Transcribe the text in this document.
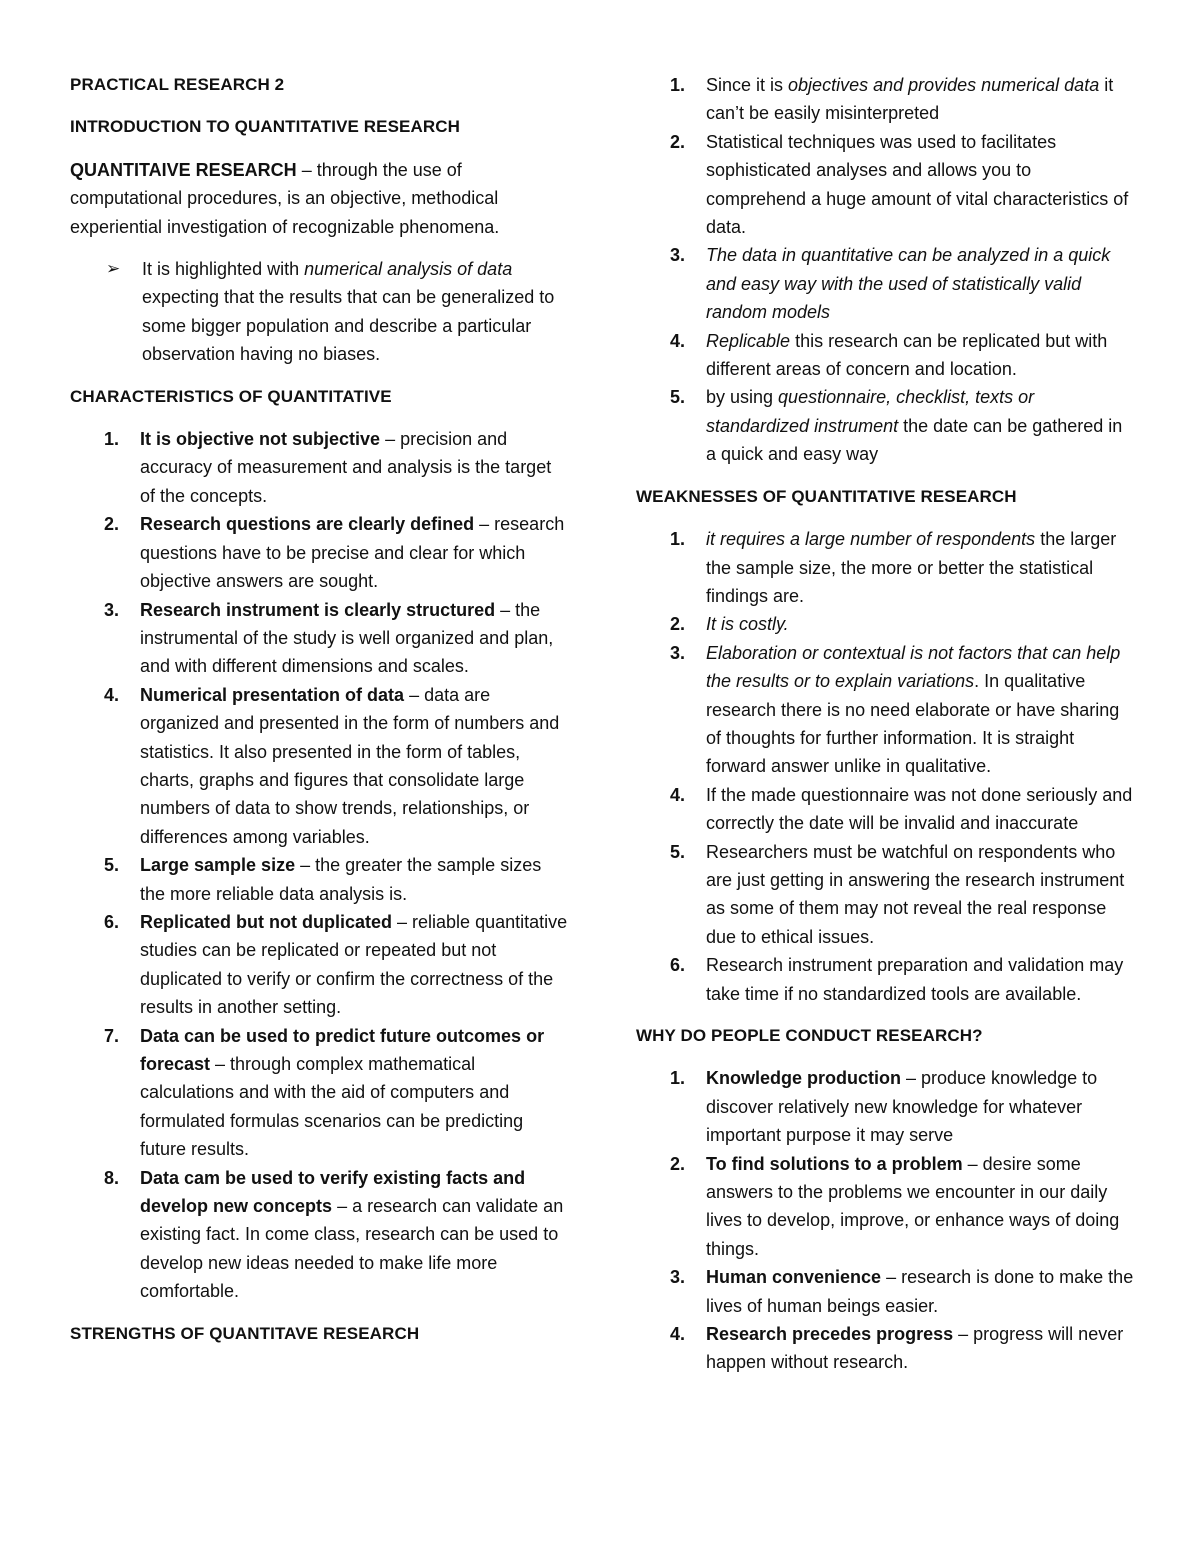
PRACTICAL RESEARCH 2
INTRODUCTION TO QUANTITATIVE RESEARCH

QUANTITAIVE RESEARCH – through the use of computational procedures, is an objective, methodical experiential investigation of recognizable phenomena.

➢ It is highlighted with numerical analysis of data expecting that the results that can be generalized to some bigger population and describe a particular observation having no biases.
CHARACTERISTICS OF QUANTITATIVE
1. It is objective not subjective – precision and accuracy of measurement and analysis is the target of the concepts.
2. Research questions are clearly defined – research questions have to be precise and clear for which objective answers are sought.
3. Research instrument is clearly structured – the instrumental of the study is well organized and plan, and with different dimensions and scales.
4. Numerical presentation of data – data are organized and presented in the form of numbers and statistics. It also presented in the form of tables, charts, graphs and figures that consolidate large numbers of data to show trends, relationships, or differences among variables.
5. Large sample size – the greater the sample sizes the more reliable data analysis is.
6. Replicated but not duplicated – reliable quantitative studies can be replicated or repeated but not duplicated to verify or confirm the correctness of the results in another setting.
7. Data can be used to predict future outcomes or forecast – through complex mathematical calculations and with the aid of computers and formulated formulas scenarios can be predicting future results.
8. Data cam be used to verify existing facts and develop new concepts – a research can validate an existing fact. In come class, research can be used to develop new ideas needed to make life more comfortable.
STRENGTHS OF QUANTITAVE RESEARCH
1. Since it is objectives and provides numerical data it can’t be easily misinterpreted
2. Statistical techniques was used to facilitates sophisticated analyses and allows you to comprehend a huge amount of vital characteristics of data.
3. The data in quantitative can be analyzed in a quick and easy way with the used of statistically valid random models
4. Replicable this research can be replicated but with different areas of concern and location.
5. by using questionnaire, checklist, texts or standardized instrument the date can be gathered in a quick and easy way
WEAKNESSES OF QUANTITATIVE RESEARCH
1. it requires a large number of respondents the larger the sample size, the more or better the statistical findings are.
2. It is costly.
3. Elaboration or contextual is not factors that can help the results or to explain variations. In qualitative research there is no need elaborate or have sharing of thoughts for further information. It is straight forward answer unlike in qualitative.
4. If the made questionnaire was not done seriously and correctly the date will be invalid and inaccurate
5. Researchers must be watchful on respondents who are just getting in answering the research instrument as some of them may not reveal the real response due to ethical issues.
6. Research instrument preparation and validation may take time if no standardized tools are available.
WHY DO PEOPLE CONDUCT RESEARCH?
1. Knowledge production – produce knowledge to discover relatively new knowledge for whatever important purpose it may serve
2. To find solutions to a problem – desire some answers to the problems we encounter in our daily lives to develop, improve, or enhance ways of doing things.
3. Human convenience – research is done to make the lives of human beings easier.
4. Research precedes progress – progress will never happen without research.
